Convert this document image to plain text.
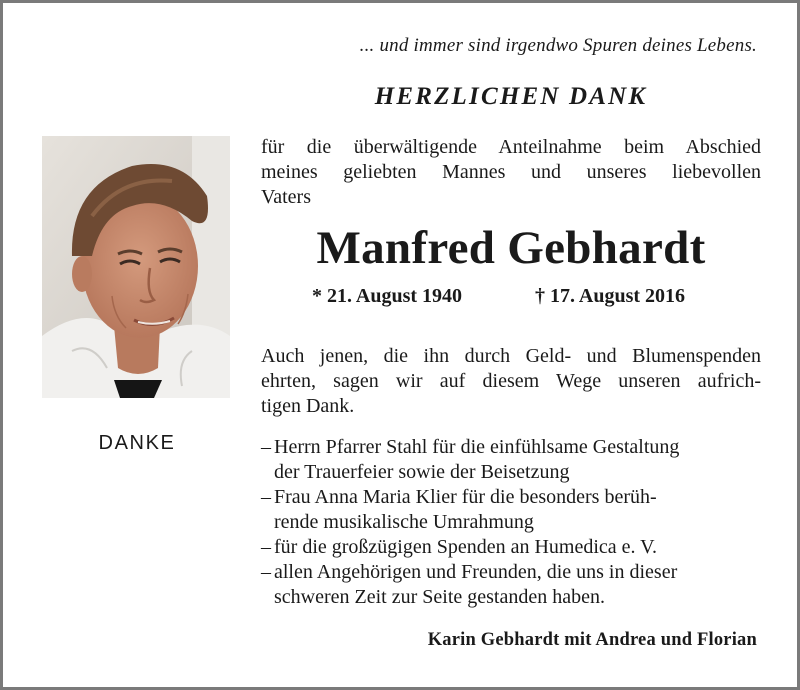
... und immer sind irgendwo Spuren deines Lebens.
HERZLICHEN DANK
DANKE
für die überwältigende Anteilnahme beim Abschied
meines geliebten Mannes und unseres liebevollen
Vaters
Manfred Gebhardt
* 21. August 1940	† 17. August 2016
Auch jenen, die ihn durch Geld- und Blumenspenden
ehrten, sagen wir auf diesem Wege unseren aufrich-
tigen Dank.
– Herrn Pfarrer Stahl für die einfühlsame Gestaltung
der Trauerfeier sowie der Beisetzung
– Frau Anna Maria Klier für die besonders berüh-
rende musikalische Umrahmung
– für die großzügigen Spenden an Humedica e. V.
– allen Angehörigen und Freunden, die uns in dieser
schweren Zeit zur Seite gestanden haben.
Karin Gebhardt mit Andrea und Florian
